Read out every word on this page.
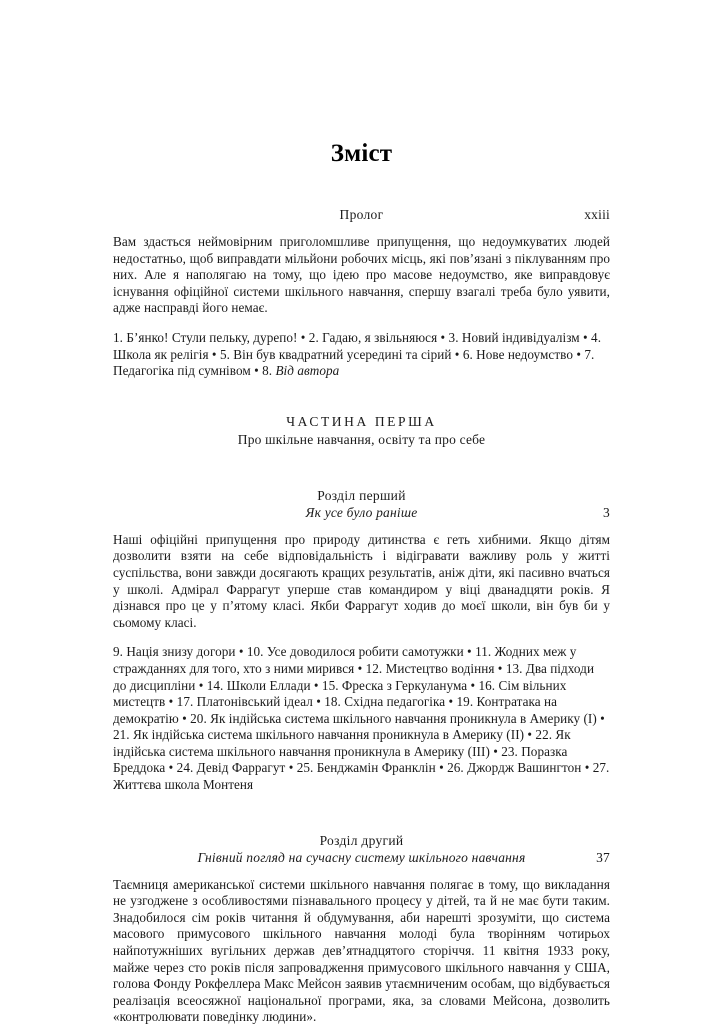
Зміст
Пролог	xxiii

Вам здасться неймовірним приголомшливе припущення, що недоумкуватих людей недостатньо, щоб виправдати мільйони робочих місць, які пов’язані з піклуванням про них. Але я наполягаю на тому, що ідею про масове недоумство, яке виправдовує існування офіційної системи шкільного навчання, спершу взагалі треба було уявити, адже насправді його немає.

1. Б’янко! Стули пельку, дурепо! • 2. Гадаю, я звільняюся • 3. Новий індивідуалізм • 4. Школа як релігія • 5. Він був квадратний усередині та сірий • 6. Нове недоумство • 7. Педагогіка під сумнівом • 8. Від автора

ЧАСТИНА ПЕРША
Про шкільне навчання, освіту та про себе
Розділ перший
Як усе було раніше	3

Наші офіційні припущення про природу дитинства є геть хибними. Якщо дітям дозволити взяти на себе відповідальність і відігравати важливу роль у житті суспільства, вони завжди досягають кращих результатів, аніж діти, які пасивно вчаться у школі. Адмірал Фаррагут уперше став командиром у віці дванадцяти років. Я дізнався про це у п’ятому класі. Якби Фаррагут ходив до моєї школи, він був би у сьомому класі.

9. Нація знизу догори • 10. Усе доводилося робити самотужки • 11. Жодних меж у стражданнях для того, хто з ними мирився • 12. Мистецтво водіння • 13. Два підходи до дисципліни • 14. Школи Еллади • 15. Фреска з Геркуланума • 16. Сім вільних мистецтв • 17. Платонівський ідеал • 18. Східна педагогіка • 19. Контратака на демократію • 20. Як індійська система шкільного навчання проникнула в Америку (I) • 21. Як індійська система шкільного навчання проникнула в Америку (II) • 22. Як індійська система шкільного навчання проникнула в Америку (III) • 23. Поразка Бреддока • 24. Девід Фаррагут • 25. Бенджамін Франклін • 26. Джордж Вашингтон • 27. Життєва школа Монтеня

Розділ другий
Гнівний погляд на сучасну систему шкільного навчання	37

Таємниця американської системи шкільного навчання полягає в тому, що викладання не узгоджене з особливостями пізнавального процесу у дітей, та й не має бути таким. Знадобилося сім років читання й обдумування, аби нарешті зрозуміти, що система масового примусового шкільного навчання молоді була творінням чотирьох найпотужніших вугільних держав дев’ятнадцятого сторіччя. 11 квітня 1933 року, майже через сто років після запровадження примусового шкільного навчання у США, голова Фонду Рокфеллера Макс Мейсон заявив утаємниченим особам, що відбувається реалізація всеосяжної національної програми, яка, за словами Мейсона, дозволить «контролювати поведінку людини».
